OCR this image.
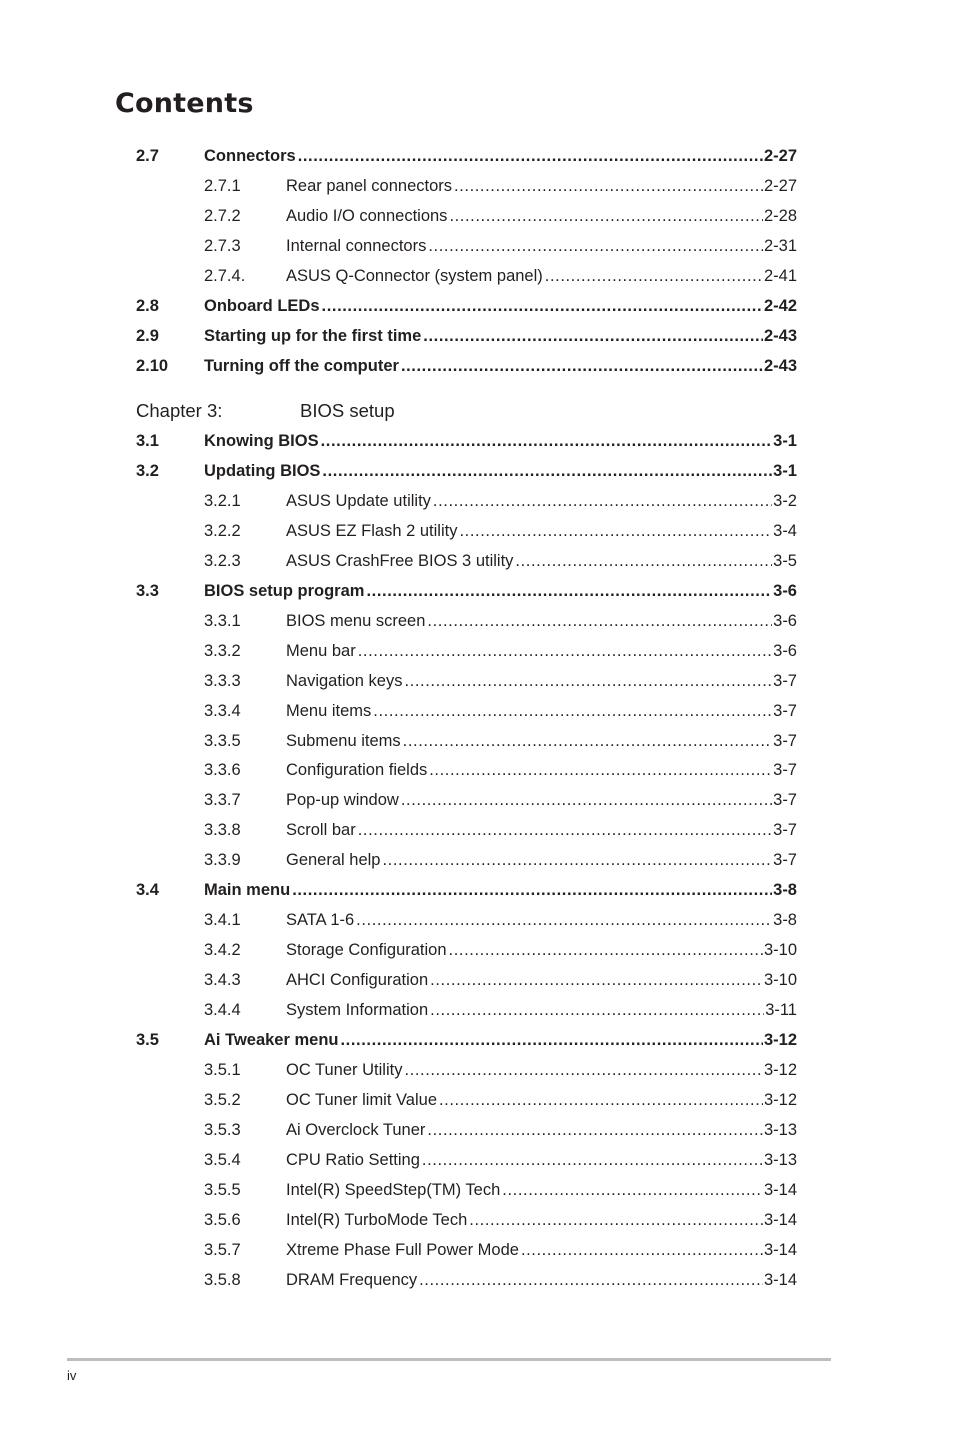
Contents
Chapter 3:	BIOS setup
2.7	Connectors .....	2-27
2.7.1	Rear panel connectors .....	2-27
2.7.2	Audio I/O connections .....	2-28
2.7.3	Internal connectors .....	2-31
2.7.4. ASUS Q-Connector (system panel) .....	2-41
2.8	Onboard LEDs .....	2-42
2.9	Starting up for the first time .....	2-43
2.10 Turning off the computer .....	2-43
3.1	Knowing BIOS .....	3-1
3.2	Updating BIOS .....	3-1
3.2.1	ASUS Update utility .....	3-2
3.2.2	ASUS EZ Flash 2 utility .....	3-4
3.2.3	ASUS CrashFree BIOS 3 utility .....	3-5
3.3	BIOS setup program .....	3-6
3.3.1	BIOS menu screen .....	3-6
3.3.2	Menu bar .....	3-6
3.3.3	Navigation keys .....	3-7
3.3.4	Menu items .....	3-7
3.3.5	Submenu items .....	3-7
3.3.6	Configuration fields .....	3-7
3.3.7	Pop-up window .....	3-7
3.3.8	Scroll bar .....	3-7
3.3.9	General help .....	3-7
3.4	Main menu .....	3-8
3.4.1	SATA 1-6 .....	3-8
3.4.2	Storage Configuration .....	3-10
3.4.3	AHCI Configuration .....	3-10
3.4.4	System Information .....	3-11
3.5	Ai Tweaker menu .....	3-12
3.5.1	OC Tuner Utility .....	3-12
3.5.2	OC Tuner limit Value .....	3-12
3.5.3	Ai Overclock Tuner .....	3-13
3.5.4	CPU Ratio Setting .....	3-13
3.5.5	Intel(R) SpeedStep(TM) Tech .....	3-14
3.5.6	Intel(R) TurboMode Tech .....	3-14
3.5.7	Xtreme Phase Full Power Mode .....	3-14
3.5.8	DRAM Frequency .....	3-14
iv
